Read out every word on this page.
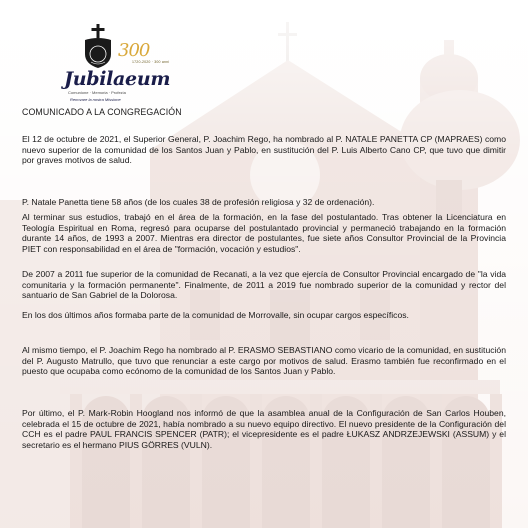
300
1720-2020 · 300 anni
Jubilaeum
Comunione · Memoria · Profezia
Renovare la nostra Missione
COMUNICADO A LA CONGREGACIÓN

El 12 de octubre de 2021, el Superior General, P. Joachim Rego, ha nombrado al P. NATALE PANETTA CP (MAPRAES) como nuevo superior de la comunidad de los Santos Juan y Pablo, en sustitución del P. Luis Alberto Cano CP, que tuvo que dimitir por graves motivos de salud.

P. Natale Panetta tiene 58 años (de los cuales 38 de profesión religiosa y 32 de ordenación).

Al terminar sus estudios, trabajó en el área de la formación, en la fase del postulantado. Tras obtener la Licenciatura en Teología Espiritual en Roma, regresó para ocuparse del postulantado provincial y permaneció trabajando en la formación durante 14 años, de 1993 a 2007. Mientras era director de postulantes, fue siete años Consultor Provincial de la Provincia PIET con responsabilidad en el área de "formación, vocación y estudios".

De 2007 a 2011 fue superior de la comunidad de Recanati, a la vez que ejercía de Consultor Provincial encargado de "la vida comunitaria y la formación permanente". Finalmente, de 2011 a 2019 fue nombrado superior de la comunidad y rector del santuario de San Gabriel de la Dolorosa.

En los dos últimos años formaba parte de la comunidad de Morrovalle, sin ocupar cargos específicos.

Al mismo tiempo, el P. Joachim Rego ha nombrado al P. ERASMO SEBASTIANO como vicario de la comunidad, en sustitución del P. Augusto Matrullo, que tuvo que renunciar a este cargo por motivos de salud. Erasmo también fue reconfirmado en el puesto que ocupaba como ecónomo de la comunidad de los Santos Juan y Pablo.

Por último, el P. Mark-Robin Hoogland nos informó de que la asamblea anual de la Configuración de San Carlos Houben, celebrada el 15 de octubre de 2021, había nombrado a su nuevo equipo directivo. El nuevo presidente de la Configuración del CCH es el padre PAUL FRANCIS SPENCER (PATR); el vicepresidente es el padre ŁUKASZ ANDRZEJEWSKI (ASSUM) y el secretario es el hermano PIUS GÖRRES (VULN).
